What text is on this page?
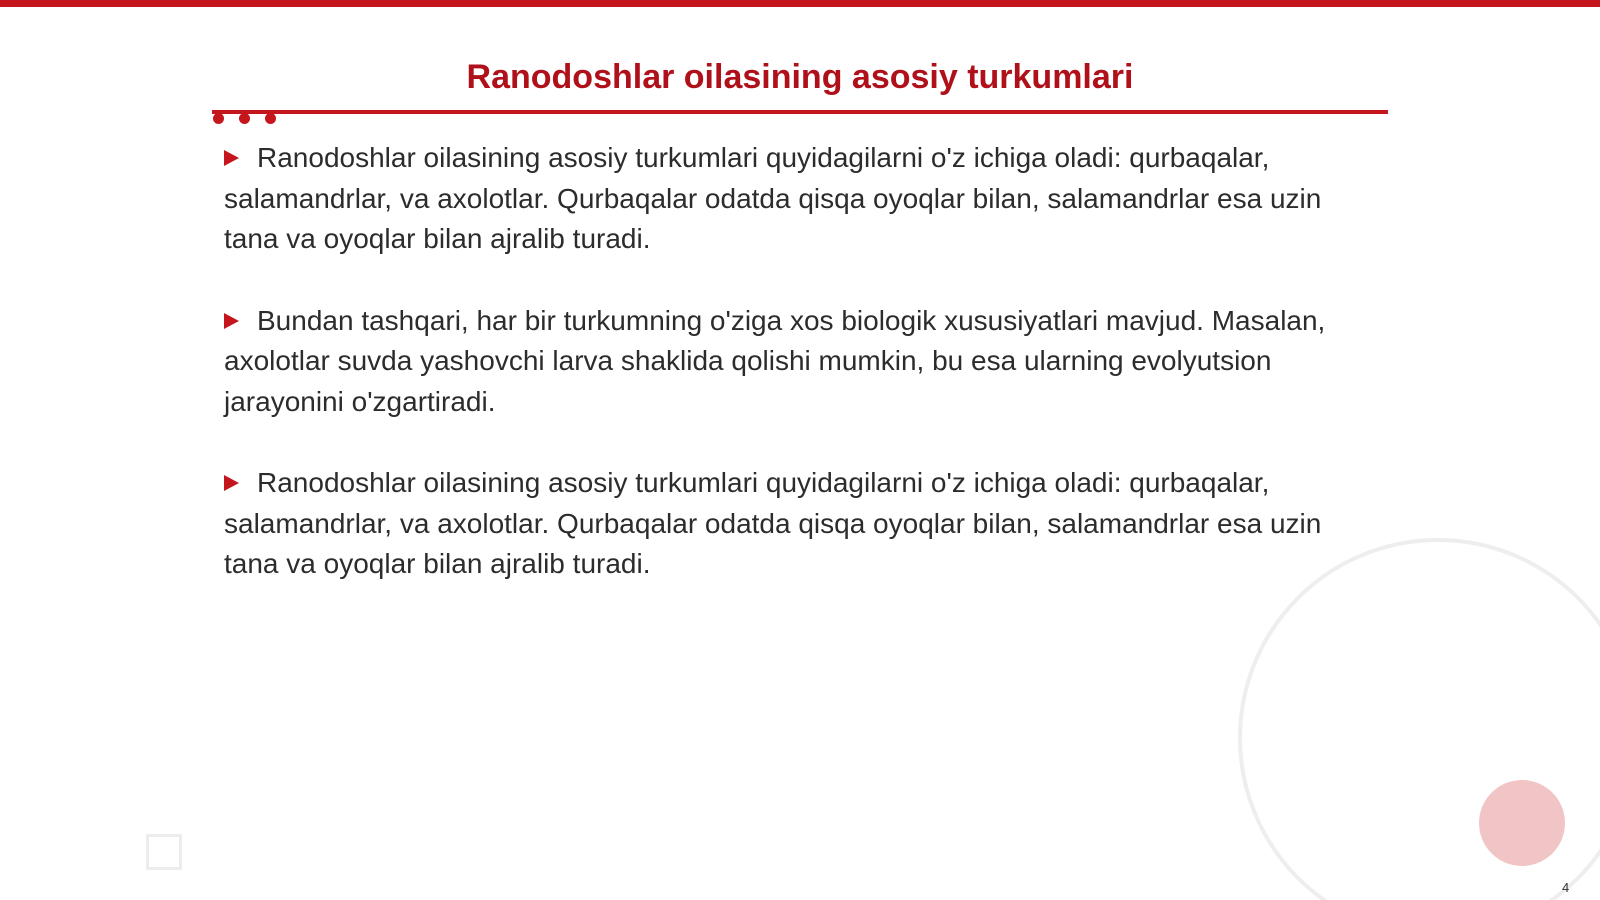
Ranodoshlar oilasining asosiy turkumlari

Ranodoshlar oilasining asosiy turkumlari quyidagilarni o'z ichiga oladi: qurbaqalar, salamandrlar, va axolotlar. Qurbaqalar odatda qisqa oyoqlar bilan, salamandrlar esa uzin tana va oyoqlar bilan ajralib turadi.

Bundan tashqari, har bir turkumning o'ziga xos biologik xususiyatlari mavjud. Masalan, axolotlar suvda yashovchi larva shaklida qolishi mumkin, bu esa ularning evolyutsion jarayonini o'zgartiradi.

Ranodoshlar oilasining asosiy turkumlari quyidagilarni o'z ichiga oladi: qurbaqalar, salamandrlar, va axolotlar. Qurbaqalar odatda qisqa oyoqlar bilan, salamandrlar esa uzin tana va oyoqlar bilan ajralib turadi.

4
